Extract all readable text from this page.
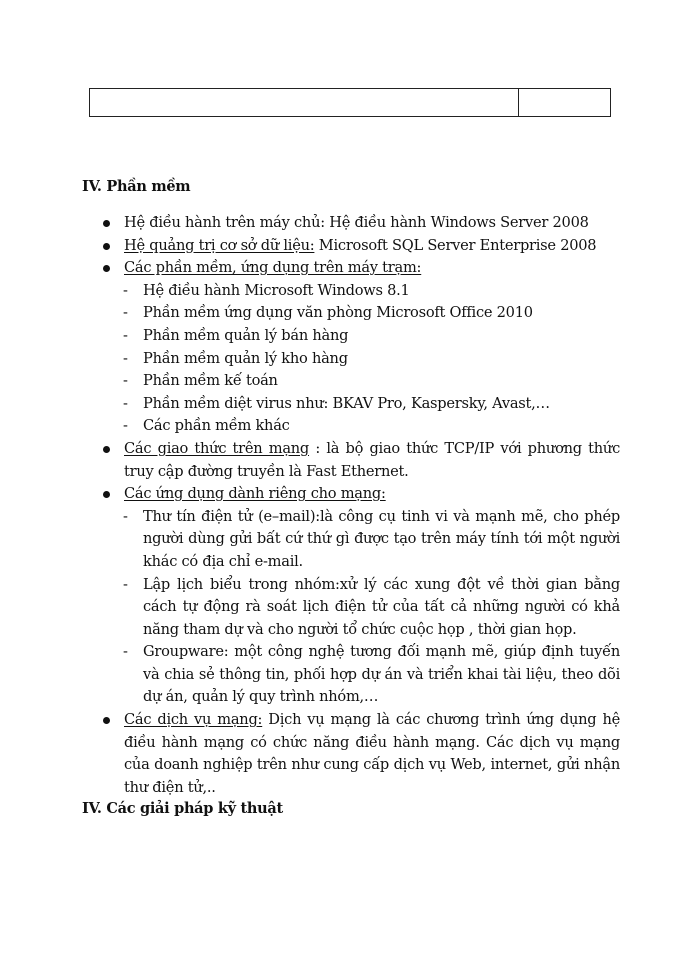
IV. Phần mềm
Hệ điều hành trên máy chủ: Hệ điều hành Windows Server 2008
Hệ quảng trị cơ sở dữ liệu: Microsoft SQL Server Enterprise 2008
Các phần mềm, ứng dụng trên máy trạm:
- Hệ điều hành Microsoft Windows 8.1
- Phần mềm ứng dụng văn phòng Microsoft Office 2010
- Phần mềm quản lý bán hàng
- Phần mềm quản lý kho hàng
- Phần mềm kế toán
- Phần mềm diệt virus như: BKAV Pro, Kaspersky, Avast,…
- Các phần mềm khác
Các giao thức trên mạng : là bộ giao thức TCP/IP với phương thức truy cập đường truyền là Fast Ethernet.
Các ứng dụng dành riêng cho mạng:
- Thư tín điện tử (e–mail):là công cụ tinh vi và mạnh mẽ, cho phép người dùng gửi bất cứ thứ gì được tạo trên máy tính tới một người khác có địa chỉ e-mail.
- Lập lịch biểu trong nhóm:xử lý các xung đột về thời gian bằng cách tự động rà soát lịch điện tử của tất cả những người có khả năng tham dự và cho người tổ chức cuộc họp , thời gian họp.
- Groupware: một công nghệ tương đối mạnh mẽ, giúp định tuyến và chia sẻ thông tin, phối hợp dự án và triển khai tài liệu, theo dõi dự án, quản lý quy trình nhóm,…
Các dịch vụ mạng: Dịch vụ mạng là các chương trình ứng dụng hệ điều hành mạng có chức năng điều hành mạng. Các dịch vụ mạng của doanh nghiệp trên như cung cấp dịch vụ Web, internet, gửi nhận thư điện tử,..
IV. Các giải pháp kỹ thuật
